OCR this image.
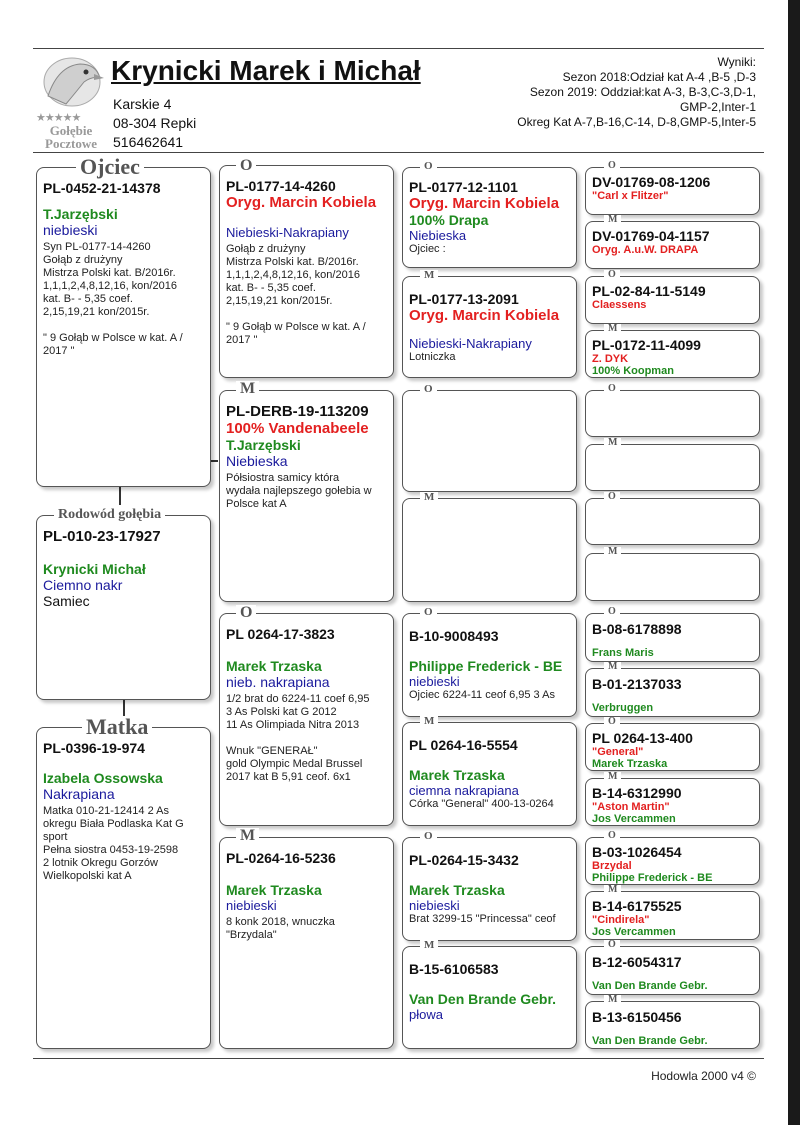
★★★★★
Gołębie
Pocztowe
Krynicki Marek i Michał
Karskie 4
08-304 Repki
516462641
Wyniki:
Sezon 2018:Odział kat A-4 ,B-5 ,D-3
Sezon 2019: Oddział:kat A-3, B-3,C-3,D-1,
GMP-2,Inter-1
Okreg Kat A-7,B-16,C-14, D-8,GMP-5,Inter-5
PL-0452-21-14378
T.Jarzębski
niebieski
Syn PL-0177-14-4260
Gołąb z drużyny
Mistrza Polski kat. B/2016r.
1,1,1,2,4,8,12,16, kon/2016
kat. B- - 5,35 coef.
2,15,19,21 kon/2015r.
" 9 Gołąb w Polsce w kat. A /
2017 "
Ojciec
PL-010-23-17927
Krynicki Michał
Ciemno nakr
Samiec
Rodowód gołębia
PL-0396-19-974
Izabela Ossowska
Nakrapiana
Matka 010-21-12414 2 As
okregu Biała Podlaska Kat G
sport
Pełna siostra 0453-19-2598
2 lotnik Okregu Gorzów
Wielkopolski kat A
Matka
PL-0177-14-4260
Oryg. Marcin Kobiela
Niebieski-Nakrapiany
Gołąb z drużyny
Mistrza Polski kat. B/2016r.
1,1,1,2,4,8,12,16, kon/2016
kat. B- - 5,35 coef.
2,15,19,21 kon/2015r.
" 9 Gołąb w Polsce w kat. A /
2017 "
O
PL-DERB-19-113209
100% Vandenabeele
T.Jarzębski
Niebieska
Półsiostra samicy która
wydała najlepszego gołebia w
Polsce kat A
M
PL 0264-17-3823
Marek Trzaska
nieb. nakrapiana
1/2 brat do 6224-11 coef 6,95
3 As Polski kat G 2012
11 As Olimpiada Nitra 2013
Wnuk "GENERAŁ"
gold Olympic Medal Brussel
2017 kat B 5,91 ceof. 6x1
O
PL-0264-16-5236
Marek Trzaska
niebieski
8 konk 2018, wnuczka
"Brzydala"
M
PL-0177-12-1101
Oryg. Marcin Kobiela
100% Drapa
Niebieska
Ojciec :
O
PL-0177-13-2091
Oryg. Marcin Kobiela
Niebieski-Nakrapiany
Lotniczka
M
O
M
B-10-9008493
Philippe Frederick - BE
niebieski
Ojciec 6224-11 ceof 6,95 3 As
O
PL 0264-16-5554
Marek Trzaska
ciemna nakrapiana
Córka "General" 400-13-0264
M
PL-0264-15-3432
Marek Trzaska
niebieski
Brat 3299-15 "Princessa" ceof
O
B-15-6106583
Van Den Brande Gebr.
płowa
M
DV-01769-08-1206
"Carl x Flitzer"
O
DV-01769-04-1157
Oryg. A.u.W. DRAPA
M
PL-02-84-11-5149
Claessens
O
PL-0172-11-4099
Z. DYK
100% Koopman
M
O
M
O
M
B-08-6178898
Frans Maris
O
B-01-2137033
Verbruggen
M
PL 0264-13-400
"General"
Marek Trzaska
O
B-14-6312990
"Aston Martin"
Jos Vercammen
M
B-03-1026454
Brzydal
Philippe Frederick - BE
O
B-14-6175525
"Cindirela"
Jos Vercammen
M
B-12-6054317
Van Den Brande Gebr.
O
B-13-6150456
Van Den Brande Gebr.
M
Hodowla 2000 v4 ©
